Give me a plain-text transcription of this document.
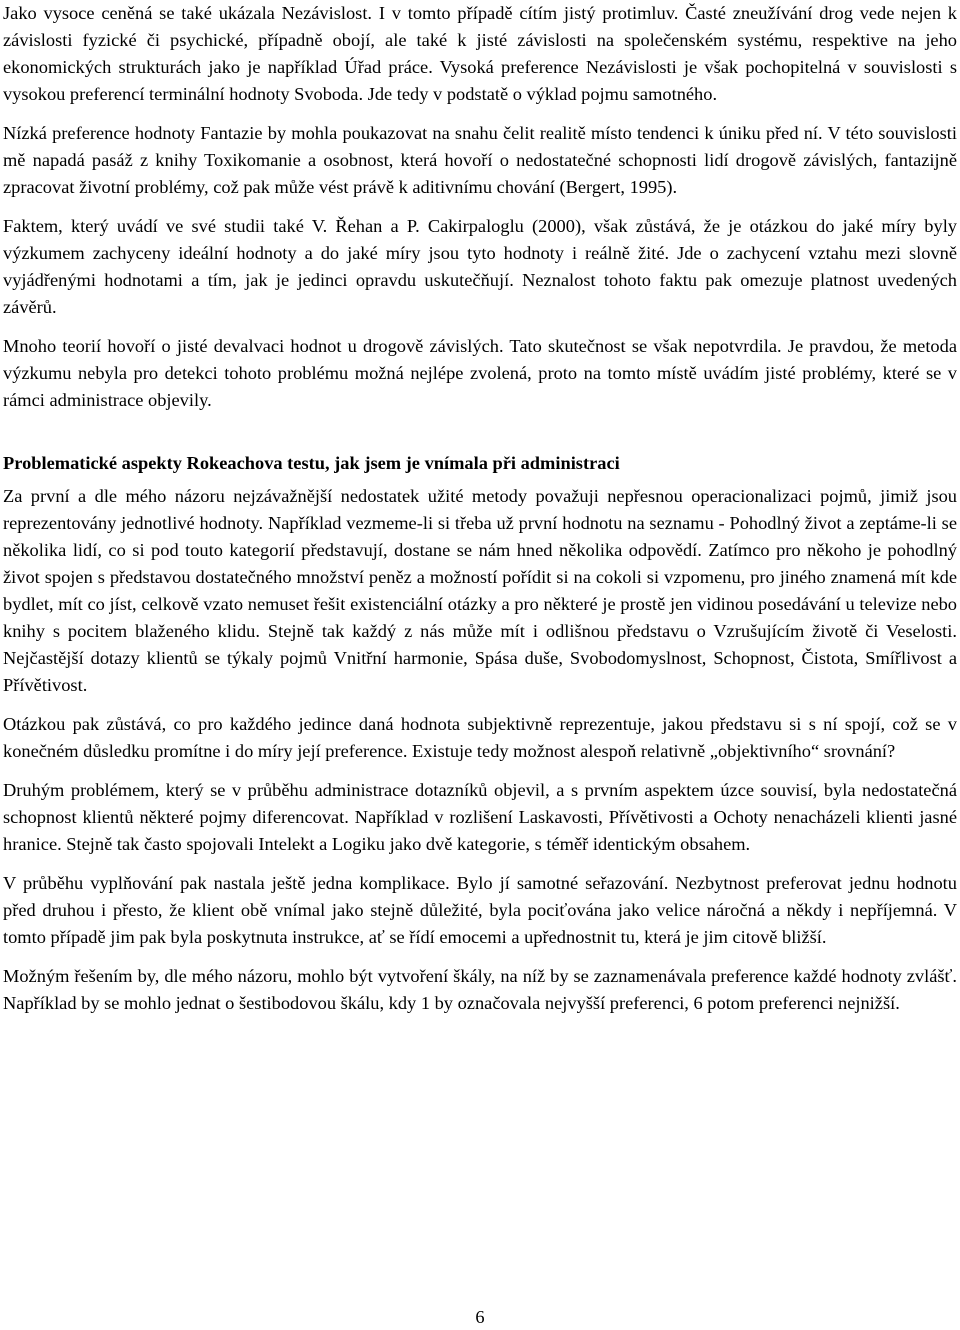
Jako vysoce ceněná se také ukázala Nezávislost. I v tomto případě cítím jistý protimluv. Časté zneužívání drog vede nejen k závislosti fyzické či psychické, případně obojí, ale také k jisté závislosti na společenském systému, respektive na jeho ekonomických strukturách jako je například Úřad práce. Vysoká preference Nezávislosti je však pochopitelná v souvislosti s vysokou preferencí terminální hodnoty Svoboda. Jde tedy v podstatě o výklad pojmu samotného.

Nízká preference hodnoty Fantazie by mohla poukazovat na snahu čelit realitě místo tendenci k úniku před ní. V této souvislosti mě napadá pasáž z knihy Toxikomanie a osobnost, která hovoří o nedostatečné schopnosti lidí drogově závislých, fantazijně zpracovat životní problémy, což pak může vést právě k aditivnímu chování (Bergert, 1995).

Faktem, který uvádí ve své studii také V. Řehan a P. Cakirpaloglu (2000), však zůstává, že je otázkou do jaké míry byly výzkumem zachyceny ideální hodnoty a do jaké míry jsou tyto hodnoty i reálně žité. Jde o zachycení vztahu mezi slovně vyjádřenými hodnotami a tím, jak je jedinci opravdu uskutečňují. Neznalost tohoto faktu pak omezuje platnost uvedených závěrů.

Mnoho teorií hovoří o jisté devalvaci hodnot u drogově závislých. Tato skutečnost se však nepotvrdila. Je pravdou, že metoda výzkumu nebyla pro detekci tohoto problému možná nejlépe zvolená, proto na tomto místě uvádím jisté problémy, které se v rámci administrace objevily.

Problematické aspekty Rokeachova testu, jak jsem je vnímala při administraci

Za první a dle mého názoru nejzávažnější nedostatek užité metody považuji nepřesnou operacionalizaci pojmů, jimiž jsou reprezentovány jednotlivé hodnoty. Například vezmeme-li si třeba už první hodnotu na seznamu - Pohodlný život a zeptáme-li se několika lidí, co si pod touto kategorií představují, dostane se nám hned několika odpovědí. Zatímco pro někoho je pohodlný život spojen s představou dostatečného množství peněz a možností pořídit si na cokoli si vzpomenu, pro jiného znamená mít kde bydlet, mít co jíst, celkově vzato nemuset řešit existenciální otázky a pro některé je prostě jen vidinou posedávání u televize nebo knihy s pocitem blaženého klidu. Stejně tak každý z nás může mít i odlišnou představu o Vzrušujícím životě či Veselosti. Nejčastější dotazy klientů se týkaly pojmů Vnitřní harmonie, Spása duše, Svobodomyslnost, Schopnost, Čistota, Smířlivost a Přívětivost.

Otázkou pak zůstává, co pro každého jedince daná hodnota subjektivně reprezentuje, jakou představu si s ní spojí, což se v konečném důsledku promítne i do míry její preference. Existuje tedy možnost alespoň relativně „objektivního“ srovnání?

Druhým problémem, který se v průběhu administrace dotazníků objevil, a s prvním aspektem úzce souvisí, byla nedostatečná schopnost klientů některé pojmy diferencovat. Například v rozlišení Laskavosti, Přívětivosti a Ochoty nenacházeli klienti jasné hranice. Stejně tak často spojovali Intelekt a Logiku jako dvě kategorie, s téměř identickým obsahem.

V průběhu vyplňování pak nastala ještě jedna komplikace. Bylo jí samotné seřazování. Nezbytnost preferovat jednu hodnotu před druhou i přesto, že klient obě vnímal jako stejně důležité, byla pociťována jako velice náročná a někdy i nepříjemná. V tomto případě jim pak byla poskytnuta instrukce, ať se řídí emocemi a upřednostnit tu, která je jim citově bližší.

Možným řešením by, dle mého názoru, mohlo být vytvoření škály, na níž by se zaznamenávala preference každé hodnoty zvlášť. Například by se mohlo jednat o šestibodovou škálu, kdy 1 by označovala nejvyšší preferenci, 6 potom preferenci nejnižší.

6
